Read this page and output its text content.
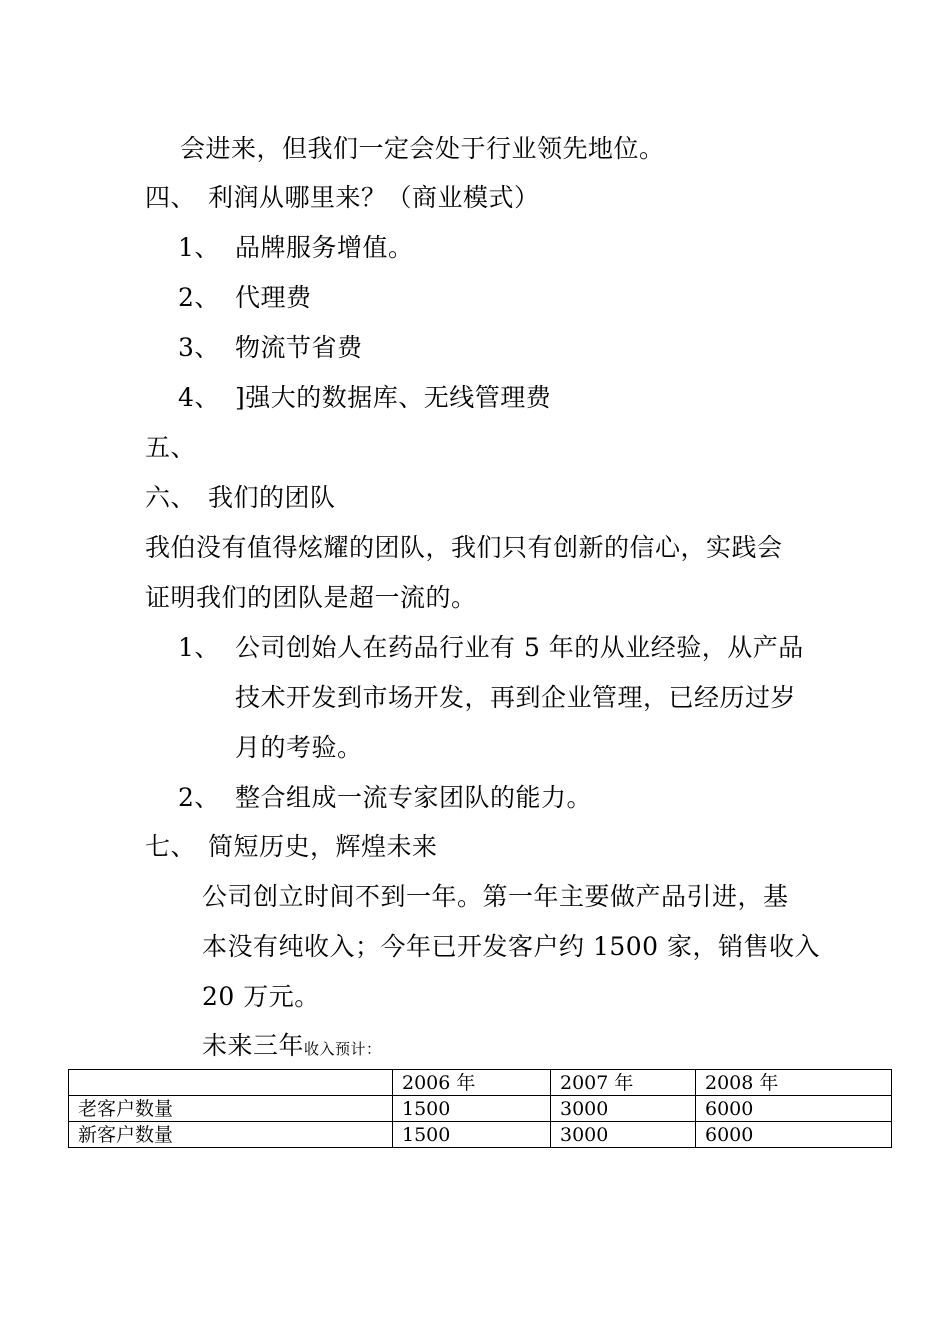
会进来，但我们一定会处于行业领先地位。
四、 利润从哪里来？（商业模式）
1、 品牌服务增值。
2、 代理费
3、 物流节省费
4、 ]强大的数据库、无线管理费
五、
六、 我们的团队
我伯没有值得炫耀的团队，我们只有创新的信心，实践会
证明我们的团队是超一流的。
1、 公司创始人在药品行业有 5 年的从业经验，从产品
技术开发到市场开发，再到企业管理，已经历过岁
月的考验。
2、 整合组成一流专家团队的能力。
七、 简短历史，辉煌未来
公司创立时间不到一年。第一年主要做产品引进，基
本没有纯收入；今年已开发客户约 1500 家，销售收入
20 万元。
未来三年收入预计：
	2006 年	2007 年	2008 年
老客户数量	1500	3000	6000
新客户数量	1500	3000	6000
